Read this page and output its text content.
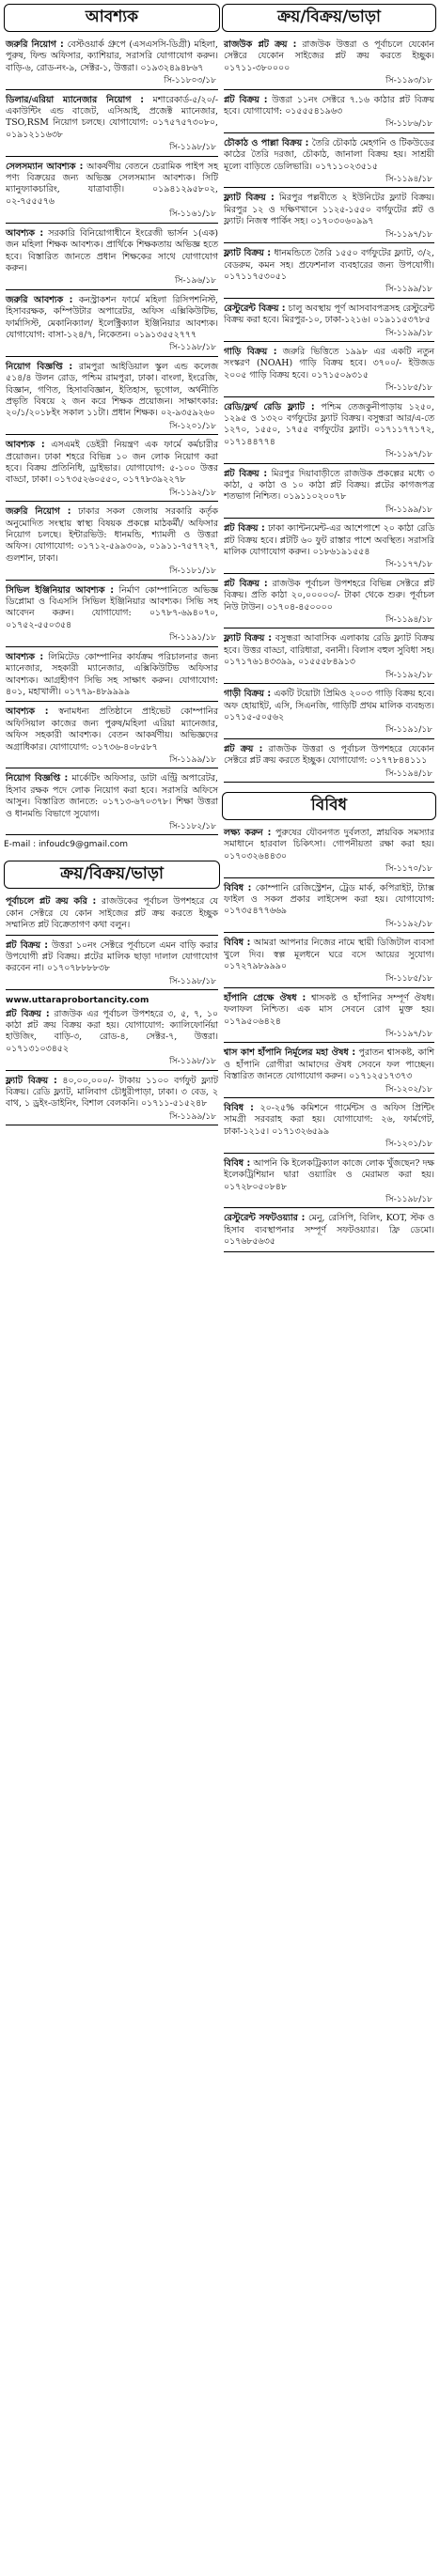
আবশ্যক
জরুরি নিয়োগ : বেস্টওয়ার্ক গ্রুপে (এসএসসি-ডিগ্রী) মহিলা, পুরুষ, ফিল্ড অফিসার, ক্যাশিয়ার, সরাসরি যোগাযোগ করুন। বাড়ি-৬, রোড-নং-৯, সেক্টর-১, উত্তরা। ০১৯৩২৪৯৪৮৬৭
সি-১১৮০৩/১৮
ডিলার/এরিয়া ম্যানেজার নিয়োগ : মশারেকার্ড-৫/২০/- একাউন্টিং এন্ড বাজেট, এসিআই, প্রজেক্ট ম্যানেজার, TSO,RSM নিয়োগ চলছে। যোগাযোগ: ০১৭৫৭৫৭৩০৮০, ০১৯১২১১৬৩৮
সি-১১৯৮/১৮
সেলসম্যান আবশ্যক : আকর্ষণীয় বেতনে চেরামিক পাইপ সহ পণ্য বিক্রয়ের জন্য অভিজ্ঞ সেলসম্যান আবশ্যক। সিটি ম্যানুফ্যাকচারিং, যাত্রাবাড়ী। ০১৯৪১২৯৫৮০২, ০২-৭৫৫৫৭৬
সি-১১৬১/১৮
আবশ্যক : সরকারি বিনিয়োগাধীনে ইংরেজী ভার্সন ১(এক) জন মহিলা শিক্ষক আবশ্যক। প্রার্থিকে শিক্ষকতায় অভিজ্ঞ হতে হবে। বিস্তারিত জানতে প্রধান শিক্ষকের সাথে যোগাযোগ করুন।
সি-১৯৬/১৮
জরুরি আবশ্যক : কনস্ট্রাকশন ফার্মে মহিলা রিসিপশনিস্ট, হিসাবরক্ষক, কম্পিউটার অপারেটর, অফিস এক্সিকিউটিভ, ফার্মাসিস্ট, মেকানিক্যাল/ ইলেক্ট্রিক্যাল ইঞ্জিনিয়ার আবশ্যক। যোগাযোগ: বাসা-১২৪/৭, নিকেতন। ০১৯১৩৫৫২৭৭৭
সি-১১৯৮/১৮
নিয়োগ বিজ্ঞপ্তি : রামপুরা আইডিয়াল স্কুল এন্ড কলেজ ৫১৪/৪ উলন রোড, পশ্চিম রামপুরা, ঢাকা। বাংলা, ইংরেজি, বিজ্ঞান, গণিত, হিসাববিজ্ঞান, ইতিহাস, ভূগোল, অর্থনীতি প্রভৃতি বিষয়ে ২ জন করে শিক্ষক প্রয়োজন। সাক্ষাৎকার: ২০/১/২০১৮ইং সকাল ১১টা। প্রধান শিক্ষক। ০২-৯৩৫৯২৬০
সি-১২০১/১৮
আবশ্যক : এসএমই ডেইরী নিয়ন্ত্রণ এক ফার্মে কর্মচারীর প্রয়োজন। ঢাকা শহরে বিভিন্ন ১০ জন লোক নিয়োগ করা হবে। বিক্রয় প্রতিনিধি, ড্রাইভার। যোগাযোগ: ৫-১০০ উত্তর বাড্ডা, ঢাকা। ০১৭৩৫২৬০৫৫০, ০১৭৭৮৩৯২২৭৮
সি-১১৯২/১৮
জরুরি নিয়োগ : ঢাকার সকল জেলায় সরকারি কর্তৃক অনুমোদিত সংস্থায় স্বাস্থ্য বিষয়ক প্রকল্পে মাঠকর্মী/ অফিসার নিয়োগ চলছে। ইন্টারভিউ: ধানমন্ডি, শ্যামলী ও উত্তরা অফিস। যোগাযোগ: ০১৭১২-৫৯৯৩০৯, ০১৯১১-৭৫৭৭২৭, গুলশান, ঢাকা।
সি-১১৮১/১৮
সিভিল ইঞ্জিনিয়ার আবশ্যক : নির্মাণ কোম্পানিতে অভিজ্ঞ ডিপ্লোমা ও বিএসসি সিভিল ইঞ্জিনিয়ার আবশ্যক। সিভি সহ আবেদন করুন। যোগাযোগ: ০১৭৮৭-৬৯৪০৭০, ০১৭৫২-৫৫০৩৫৪
সি-১১৯১/১৮
আবশ্যক : লিমিটেড কোম্পানির কার্যক্রম পরিচালনার জন্য ম্যানেজার, সহকারী ম্যানেজার, এক্সিকিউটিভ অফিসার আবশ্যক। আগ্রহীগণ সিভি সহ সাক্ষাৎ করুন। যোগাযোগ: ৪০১, মহাখালী। ০১৭৭৯-৪৮৯৯৯৯
আবশ্যক : স্বনামধন্য প্রতিষ্ঠানে প্রাইভেট কোম্পানির অফিসিয়াল কাজের জন্য পুরুষ/মহিলা এরিয়া ম্যানেজার, অফিস সহকারী আবশ্যক। বেতন আকর্ষণীয়। অভিজ্ঞদের অগ্রাধিকার। যোগাযোগ: ০১৭৩৬-৪০৮৫৮৭
সি-১১৯৯/১৮
নিয়োগ বিজ্ঞপ্তি : মার্কেটিং অফিসার, ডাটা এন্ট্রি অপারেটর, হিসাব রক্ষক পদে লোক নিয়োগ করা হবে। সরাসরি অফিসে আসুন। বিস্তারিত জানতে: ০১৭১৩-৬৭০৩৭৮। শিক্ষা উত্তরা ও ধানমন্ডি বিভাগে সুযোগ।
সি-১১৮২/১৮
E-mail : infoudc9@gmail.com
ক্রয়/বিক্রয়/ভাড়া
পূর্বাচলে প্লট ক্রয় করি : রাজউকের পূর্বাচল উপশহরে যে কোন সেক্টরে যে কোন সাইজের প্লট ক্রয় করতে ইচ্ছুক সম্মানিত প্লট বিক্রেতাগণ কথা বলুন।
প্লট বিক্রয় : উত্তরা ১০নং সেক্টরে পূর্বাচলে এমন বাড়ি করার উপযোগী প্লট বিক্রয়। প্লটের মালিক ছাড়া দালাল যোগাযোগ করবেন না। ০১৭০৭৮৮৮৮৩৮
সি-১১৯৮/১৮
www.uttaraprobortancity.com
প্লট বিক্রয় : রাজউক এর পূর্বাচল উপশহরে ৩, ৫, ৭, ১০ কাঠা প্লট ক্রয় বিক্রয় করা হয়। যোগাযোগ: ক্যালিফোর্নিয়া হাউজিং, বাড়ি-৩, রোড-৪, সেক্টর-৭, উত্তরা। ০১৭১৩১০৩৪৫২
সি-১১৯৮/১৮
ফ্ল্যাট বিক্রয় : ৪০,০০,০০০/- টাকায় ১১০০ বর্গফুট ফ্ল্যাট বিক্রয়। রেডি ফ্ল্যাট, মালিবাগ চৌধুরীপাড়া, ঢাকা। ৩ বেড, ২ বাথ, ১ ড্রইং-ডাইনিং, বিশাল বেলকনি। ০১৭১১-৫১৫২৪৮
সি-১১৯৯/১৮
ক্রয়/বিক্রয়/ভাড়া
রাজউক প্লট ক্রয় : রাজউক উত্তরা ও পূর্বাচলে যেকোন সেক্টরে যেকোন সাইজের প্লট ক্রয় করতে ইচ্ছুক। ০১৭১১-৩৮০০০০
সি-১১৯৩/১৮
প্লট বিক্রয় : উত্তরা ১১নং সেক্টরে ৭.১৬ কাঠার প্লট বিক্রয় হবে। যোগাযোগ: ০১৫৫৫৪১৯৬৩
সি-১১৮৬/১৮
চৌকাঠ ও পাল্লা বিক্রয় : তৈরি চৌকাঠ মেহগনি ও টিকউডের কাঠের তৈরি দরজা, চৌকাঠ, জানালা বিক্রয় হয়। সাশ্রয়ী মূল্যে বাড়িতে ডেলিভারি। ০১৭১১০২৩৫১৫
সি-১১৯৪/১৮
ফ্ল্যাট বিক্রয় : মিরপুর পল্লবীতে ২ ইউনিটের ফ্ল্যাট বিক্রয়। মিরপুর ১২ ও দক্ষিণখানে ১১২৫-১৫৫০ বর্গফুটের প্লট ও ফ্ল্যাট। নিজস্ব পার্কিং সহ। ০১৭০৩০৬০৯৯৭
সি-১১৯৭/১৮
ফ্ল্যাট বিক্রয় : ধানমন্ডিতে তৈরি ১৫৫০ বর্গফুটের ফ্ল্যাট, ৩/২, বেডরুম, কমন সহ। প্রফেশনাল ব্যবহারের জন্য উপযোগী। ০১৭১১৭৫৩০৫১
সি-১১৯৯/১৮
রেস্টুরেন্ট বিক্রয় : চালু অবস্থায় পূর্ণ আসবাবপত্রসহ রেস্টুরেন্ট বিক্রয় করা হবে। মিরপুর-১০, ঢাকা-১২১৬। ০১৯১১৫৩৭৮৫
সি-১১৯৯/১৮
গাড়ি বিক্রয় : জরুরি ভিত্তিতে ১৯৯৮ এর একটি নতুন সংস্করণ (NOAH) গাড়ি বিক্রয় হবে। ৩৭০০/- ইউজড ২০০৫ গাড়ি বিক্রয় হবে। ০১৭১৫০৯৩১৫
সি-১১৮৫/১৮
রেডি/ফ্লর্থ রেডি ফ্ল্যাট : পশ্চিম তেজকুনীপাড়ায় ১২৫০, ১২৯৫ ও ১৩২০ বর্গফুটের ফ্ল্যাট বিক্রয়। বসুন্ধরা আর/এ-তে ১২৭০, ১৫৫০, ১৭৫৫ বর্গফুটের ফ্ল্যাট। ০১৭১১৭৭১৭২, ০১৭১৪৪৭৭৪
সি-১১৯৭/১৮
প্লট বিক্রয় : মিরপুর দিয়াবাড়ীতে রাজউক প্রকল্পের মধ্যে ৩ কাঠা, ৫ কাঠা ও ১০ কাঠা প্লট বিক্রয়। প্লটের কাগজপত্র শতভাগ নিশ্চিত। ০১৯১১০২০০৭৮
সি-১১৯৯/১৮
প্লট বিক্রয় : ঢাকা ক্যান্টনমেন্ট-এর আশেপাশে ২০ কাঠা রেডি প্লট বিক্রয় হবে। প্লটটি ৬০ ফুট রাস্তার পাশে অবস্থিত। সরাসরি মালিক যোগাযোগ করুন। ০১৮৬১৯১৫৫৪
সি-১১৭৭/১৮
প্লট বিক্রয় : রাজউক পূর্বাচল উপশহরে বিভিন্ন সেক্টরে প্লট বিক্রয়। প্রতি কাঠা ২০,০০০০০/- টাকা থেকে শুরু। পূর্বাচল নিউ টাউন। ০১৭০৪-৪৫০০০০
সি-১১৯৪/১৮
ফ্ল্যাট বিক্রয় : বসুন্ধরা আবাসিক এলাকায় রেডি ফ্ল্যাট বিক্রয় হবে। উত্তর বাড্ডা, বারিধারা, বনানী। বিলাস বহুল সুবিধা সহ। ০১৭১৭৬১৪৩৩৯৯, ০১৫৫৫৮৪৯১৩
সি-১১৯২/১৮
গাড়ী বিক্রয় : একটি টয়োটা প্রিমিও ২০০৩ গাড়ি বিক্রয় হবে। অফ হোয়াইট, এসি, সিএনজি, গাড়িটি প্রথম মালিক ব্যবহৃত। ০১৭১৫-৫০৫৬২
সি-১১৯১/১৮
প্লট ক্রয় : রাজউক উত্তরা ও পূর্বাচল উপশহরে যেকোন সেক্টরে প্লট ক্রয় করতে ইচ্ছুক। যোগাযোগ: ০১৭৭৮৪৪১১১
সি-১১৯৪/১৮
বিবিধ
লক্ষ্য করুন : পুরুষের যৌবনগত দুর্বলতা, স্নায়বিক সমস্যার সমাধানে হারবাল চিকিৎসা। গোপনীয়তা রক্ষা করা হয়। ০১৭০৩২৬৪৪৩০
সি-১১৭০/১৮
বিবিধ : কোম্পানি রেজিস্ট্রেশন, ট্রেড মার্ক, কপিরাইট, ট্যাক্স ফাইল ও সকল প্রকার লাইসেন্স করা হয়। যোগাযোগ: ০১৭৩৫৪৭৭৬৬৯
সি-১১৯২/১৮
বিবিধ : আমরা আপনার নিজের নামে স্থায়ী ডিজিটাল ব্যবসা খুলে দিব। স্বল্প মূলধনে ঘরে বসে আয়ের সুযোগ। ০১৭২৭৯৮৯৯৯০
সি-১১৮৫/১৮
হাঁপানি প্রেক্ষে ঔষধ : শ্বাসকষ্ট ও হাঁপানির সম্পূর্ণ ঔষধ। ফলাফল নিশ্চিত। এক মাস সেবনে রোগ মুক্ত হয়। ০১৭৯৫০৬৪২৪
সি-১১৯৭/১৮
শ্বাস কাশ হাঁপানি নির্মূলের মহা ঔষধ : পুরাতন শ্বাসকষ্ট, কাশি ও হাঁপানি রোগীরা আমাদের ঔষধ সেবনে ফল পাচ্ছেন। বিস্তারিত জানতে যোগাযোগ করুন। ০১৭১২৫১৭৩৭৩
সি-১২০২/১৮
বিবিধ : ২০-২৫% কমিশনে গার্মেন্টস ও অফিস প্রিন্টিং সামগ্রী সরবরাহ করা হয়। যোগাযোগ: ২৬, ফার্মগেট, ঢাকা-১২১৫। ০১৭১৩২৬৫৯৯
সি-১২০১/১৮
বিবিধ : আপনি কি ইলেকট্রিক্যাল কাজে লোক খুঁজছেন? দক্ষ ইলেকট্রিশিয়ান দ্বারা ওয়্যারিং ও মেরামত করা হয়। ০১৭২৮০৫০৮৪৮
সি-১১৯৮/১৮
রেস্টুরেন্ট সফটওয়্যার : মেনু, রেসিপি, বিলিং, KOT, স্টক ও হিসাব ব্যবস্থাপনার সম্পূর্ণ সফটওয়্যার। ফ্রি ডেমো। ০১৭৬৮৫৬৩৫
